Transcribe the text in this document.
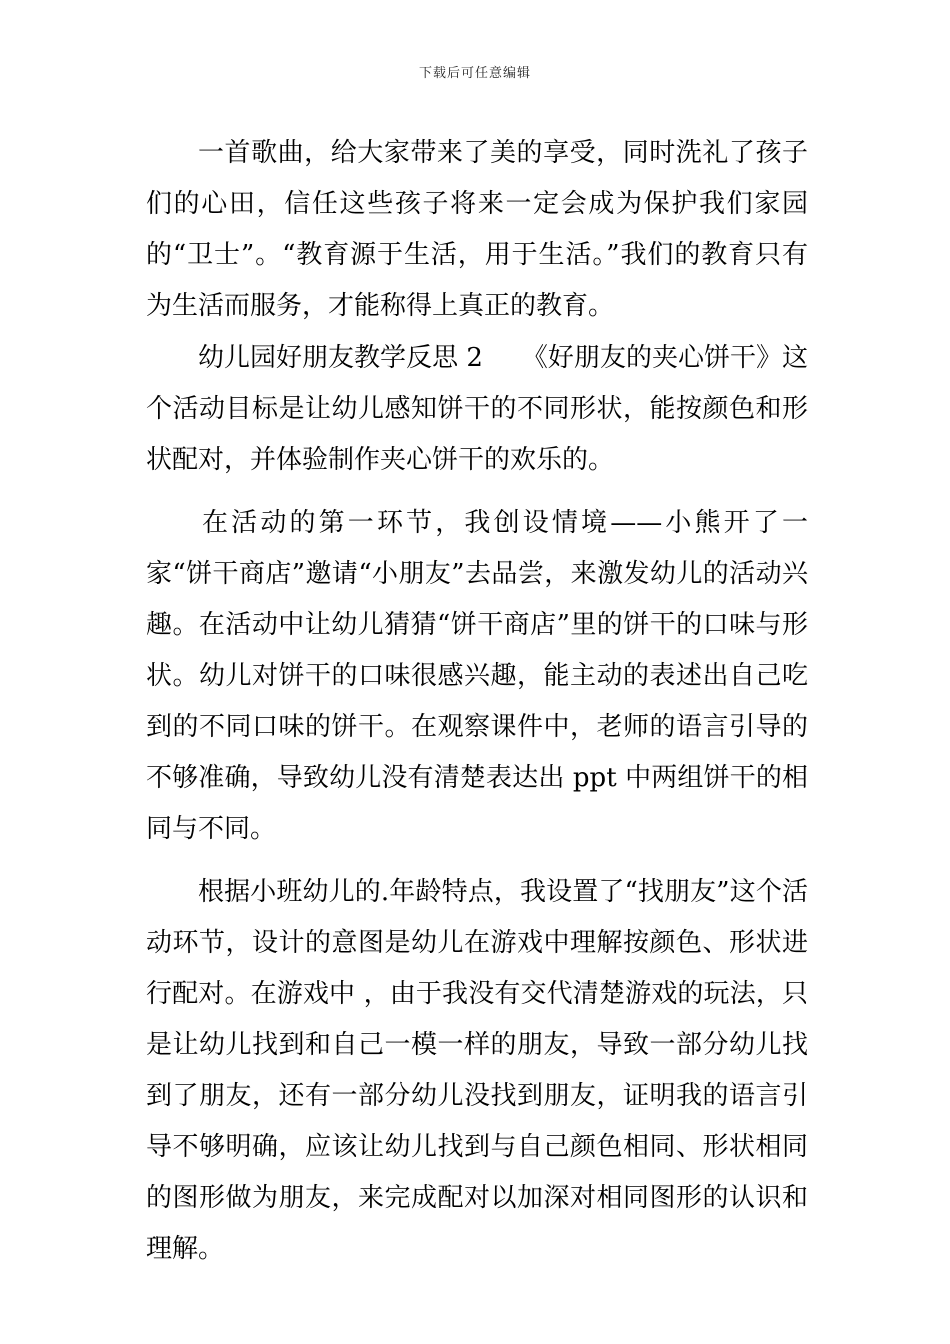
下载后可任意编辑

一首歌曲，给大家带来了美的享受，同时洗礼了孩子们的心田，信任这些孩子将来一定会成为保护我们家园的“卫士”。“教育源于生活，用于生活。”我们的教育只有为生活而服务，才能称得上真正的教育。

幼儿园好朋友教学反思 2　　《好朋友的夹心饼干》这个活动目标是让幼儿感知饼干的不同形状，能按颜色和形状配对，并体验制作夹心饼干的欢乐的。

在活动的第一环节，我创设情境——小熊开了一家“饼干商店”邀请“小朋友”去品尝，来激发幼儿的活动兴趣。在活动中让幼儿猜猜“饼干商店”里的饼干的口味与形状。幼儿对饼干的口味很感兴趣，能主动的表述出自己吃到的不同口味的饼干。在观察课件中，老师的语言引导的不够准确，导致幼儿没有清楚表达出 ppt 中两组饼干的相同与不同。

根据小班幼儿的.年龄特点，我设置了“找朋友”这个活动环节，设计的意图是幼儿在游戏中理解按颜色、形状进行配对。在游戏中 ，由于我没有交代清楚游戏的玩法，只是让幼儿找到和自己一模一样的朋友，导致一部分幼儿找到了朋友，还有一部分幼儿没找到朋友，证明我的语言引导不够明确，应该让幼儿找到与自己颜色相同、形状相同的图形做为朋友，来完成配对以加深对相同图形的认识和理解。
